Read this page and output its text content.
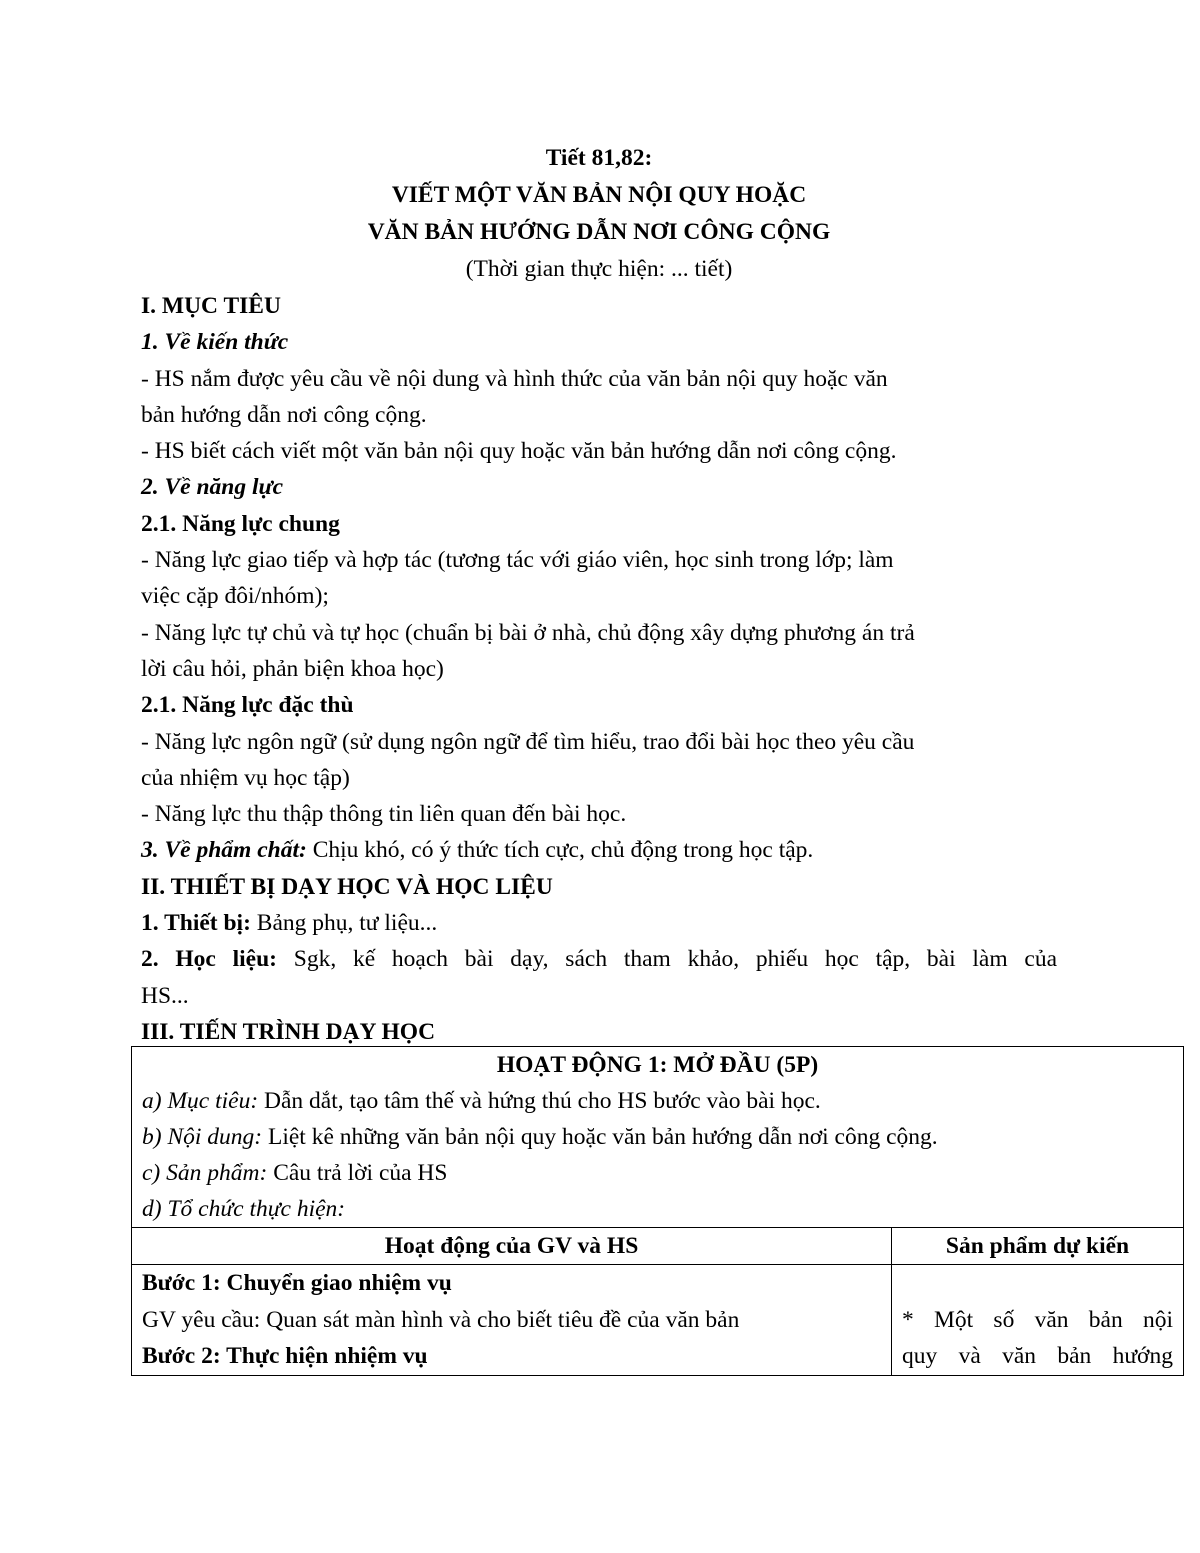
Tiết 81,82:
VIẾT MỘT VĂN BẢN NỘI QUY HOẶC
VĂN BẢN HƯỚNG DẪN NƠI CÔNG CỘNG
(Thời gian thực hiện: ... tiết)

I. MỤC TIÊU

1. Về kiến thức

- HS nắm được yêu cầu về nội dung và hình thức của văn bản nội quy hoặc văn

bản hướng dẫn nơi công cộng.

- HS biết cách viết một văn bản nội quy hoặc văn bản hướng dẫn nơi công cộng.

2. Về năng lực

2.1. Năng lực chung

- Năng lực giao tiếp và hợp tác (tương tác với giáo viên, học sinh trong lớp; làm

việc cặp đôi/nhóm);

- Năng lực tự chủ và tự học (chuẩn bị bài ở nhà, chủ động xây dựng phương án trả

lời câu hỏi, phản biện khoa học)

2.1. Năng lực đặc thù

- Năng lực ngôn ngữ (sử dụng ngôn ngữ để tìm hiểu, trao đổi bài học theo yêu cầu

của nhiệm vụ học tập)

- Năng lực thu thập thông tin liên quan đến bài học.

3. Về phẩm chất: Chịu khó, có ý thức tích cực, chủ động trong học tập.

II. THIẾT BỊ DẠY HỌC VÀ HỌC LIỆU

1. Thiết bị: Bảng phụ, tư liệu...

2. Học liệu: Sgk, kế hoạch bài dạy, sách tham khảo, phiếu học tập, bài làm của

HS...

III. TIẾN TRÌNH DẠY HỌC

HOẠT ĐỘNG 1: MỞ ĐẦU (5P)
a) Mục tiêu: Dẫn dắt, tạo tâm thế và hứng thú cho HS bước vào bài học.
b) Nội dung: Liệt kê những văn bản nội quy hoặc văn bản hướng dẫn nơi công cộng.
c) Sản phẩm: Câu trả lời của HS
d) Tổ chức thực hiện:
Hoạt động của GV và HS	Sản phẩm dự kiến
Bước 1: Chuyển giao nhiệm vụ
GV yêu cầu: Quan sát màn hình và cho biết tiêu đề của văn bản
Bước 2: Thực hiện nhiệm vụ

* Một số văn bản nội
quy và văn bản hướng
